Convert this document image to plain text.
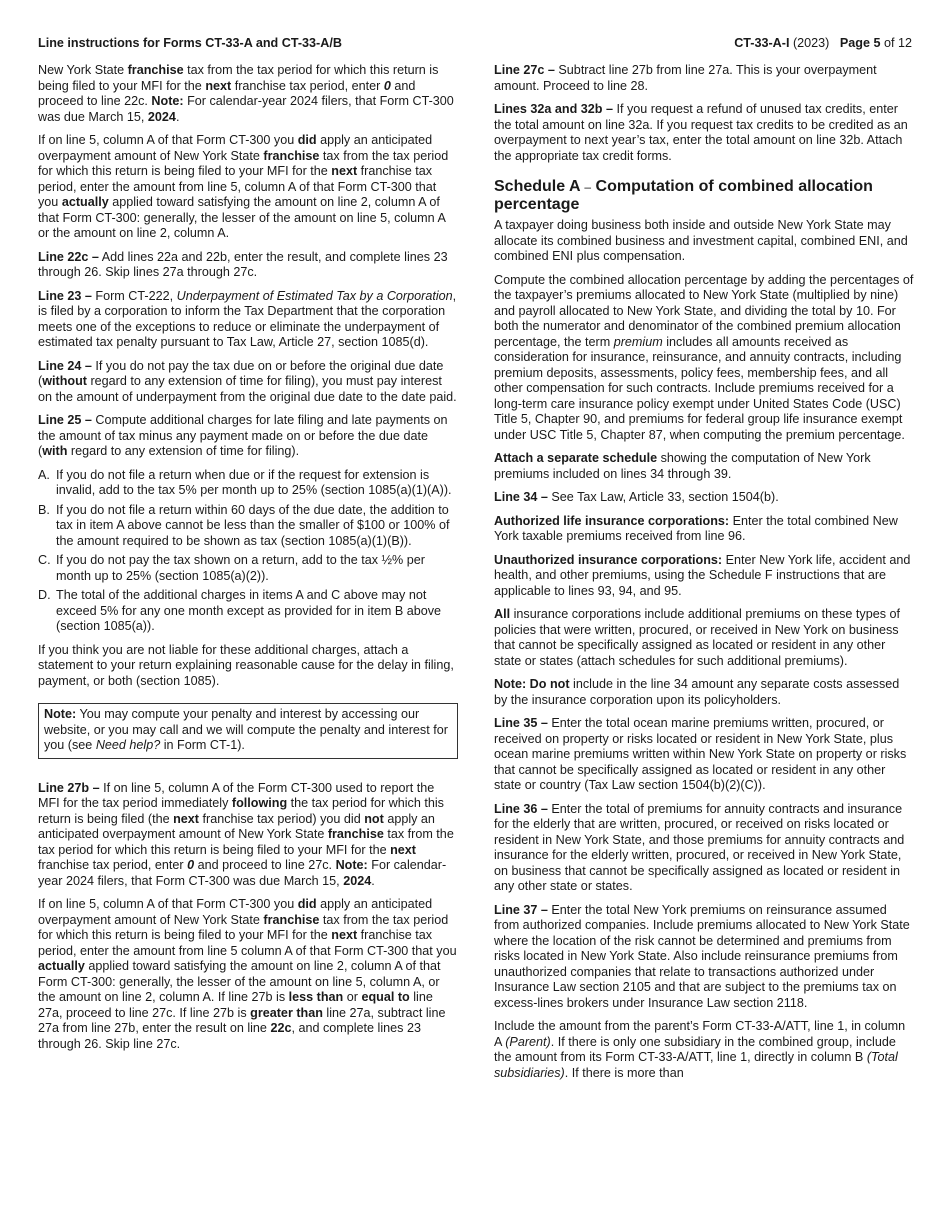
Line instructions for Forms CT-33-A and CT-33-A/B	CT-33-A-I (2023) Page 5 of 12

New York State franchise tax from the tax period for which this return is being filed to your MFI for the next franchise tax period, enter 0 and proceed to line 22c. Note: For calendar-year 2024 filers, that Form CT-300 was due March 15, 2024.

If on line 5, column A of that Form CT-300 you did apply an anticipated overpayment amount of New York State franchise tax from the tax period for which this return is being filed to your MFI for the next franchise tax period, enter the amount from line 5, column A of that Form CT-300 that you actually applied toward satisfying the amount on line 2, column A of that Form CT-300: generally, the lesser of the amount on line 5, column A or the amount on line 2, column A.

Line 22c – Add lines 22a and 22b, enter the result, and complete lines 23 through 26. Skip lines 27a through 27c.

Line 23 – Form CT-222, Underpayment of Estimated Tax by a Corporation, is filed by a corporation to inform the Tax Department that the corporation meets one of the exceptions to reduce or eliminate the underpayment of estimated tax penalty pursuant to Tax Law, Article 27, section 1085(d).

Line 24 – If you do not pay the tax due on or before the original due date (without regard to any extension of time for filing), you must pay interest on the amount of underpayment from the original due date to the date paid.

Line 25 – Compute additional charges for late filing and late payments on the amount of tax minus any payment made on or before the due date (with regard to any extension of time for filing).

A. If you do not file a return when due or if the request for extension is invalid, add to the tax 5% per month up to 25% (section 1085(a)(1)(A)).
B. If you do not file a return within 60 days of the due date, the addition to tax in item A above cannot be less than the smaller of $100 or 100% of the amount required to be shown as tax (section 1085(a)(1)(B)).
C. If you do not pay the tax shown on a return, add to the tax ½% per month up to 25% (section 1085(a)(2)).
D. The total of the additional charges in items A and C above may not exceed 5% for any one month except as provided for in item B above (section 1085(a)).

If you think you are not liable for these additional charges, attach a statement to your return explaining reasonable cause for the delay in filing, payment, or both (section 1085).

Note: You may compute your penalty and interest by accessing our website, or you may call and we will compute the penalty and interest for you (see Need help? in Form CT-1).

Line 27b – If on line 5, column A of the Form CT-300 used to report the MFI for the tax period immediately following the tax period for which this return is being filed (the next franchise tax period) you did not apply an anticipated overpayment amount of New York State franchise tax from the tax period for which this return is being filed to your MFI for the next franchise tax period, enter 0 and proceed to line 27c. Note: For calendar-year 2024 filers, that Form CT-300 was due March 15, 2024.

If on line 5, column A of that Form CT-300 you did apply an anticipated overpayment amount of New York State franchise tax from the tax period for which this return is being filed to your MFI for the next franchise tax period, enter the amount from line 5 column A of that Form CT-300 that you actually applied toward satisfying the amount on line 2, column A of that Form CT-300: generally, the lesser of the amount on line 5, column A, or the amount on line 2, column A. If line 27b is less than or equal to line 27a, proceed to line 27c. If line 27b is greater than line 27a, subtract line 27a from line 27b, enter the result on line 22c, and complete lines 23 through 26. Skip line 27c.

Line 27c – Subtract line 27b from line 27a. This is your overpayment amount. Proceed to line 28.

Lines 32a and 32b – If you request a refund of unused tax credits, enter the total amount on line 32a. If you request tax credits to be credited as an overpayment to next year’s tax, enter the total amount on line 32b. Attach the appropriate tax credit forms.

Schedule A – Computation of combined allocation percentage

A taxpayer doing business both inside and outside New York State may allocate its combined business and investment capital, combined ENI, and combined ENI plus compensation.

Compute the combined allocation percentage by adding the percentages of the taxpayer’s premiums allocated to New York State (multiplied by nine) and payroll allocated to New York State, and dividing the total by 10. For both the numerator and denominator of the combined premium allocation percentage, the term premium includes all amounts received as consideration for insurance, reinsurance, and annuity contracts, including premium deposits, assessments, policy fees, membership fees, and all other compensation for such contracts. Include premiums received for a long-term care insurance policy exempt under United States Code (USC) Title 5, Chapter 90, and premiums for federal group life insurance exempt under USC Title 5, Chapter 87, when computing the premium percentage.

Attach a separate schedule showing the computation of New York premiums included on lines 34 through 39.

Line 34 – See Tax Law, Article 33, section 1504(b).

Authorized life insurance corporations: Enter the total combined New York taxable premiums received from line 96.

Unauthorized insurance corporations: Enter New York life, accident and health, and other premiums, using the Schedule F instructions that are applicable to lines 93, 94, and 95.

All insurance corporations include additional premiums on these types of policies that were written, procured, or received in New York on business that cannot be specifically assigned as located or resident in any other state or states (attach schedules for such additional premiums).

Note: Do not include in the line 34 amount any separate costs assessed by the insurance corporation upon its policyholders.

Line 35 – Enter the total ocean marine premiums written, procured, or received on property or risks located or resident in New York State, plus ocean marine premiums written within New York State on property or risks that cannot be specifically assigned as located or resident in any other state or country (Tax Law section 1504(b)(2)(C)).

Line 36 – Enter the total of premiums for annuity contracts and insurance for the elderly that are written, procured, or received on risks located or resident in New York State, and those premiums for annuity contracts and insurance for the elderly written, procured, or received in New York State, on business that cannot be specifically assigned as located or resident in any other state or states.

Line 37 – Enter the total New York premiums on reinsurance assumed from authorized companies. Include premiums allocated to New York State where the location of the risk cannot be determined and premiums from risks located in New York State. Also include reinsurance premiums from unauthorized companies that relate to transactions authorized under Insurance Law section 2105 and that are subject to the premiums tax on excess-lines brokers under Insurance Law section 2118.

Include the amount from the parent’s Form CT-33-A/ATT, line 1, in column A (Parent). If there is only one subsidiary in the combined group, include the amount from its Form CT-33-A/ATT, line 1, directly in column B (Total subsidiaries). If there is more than
